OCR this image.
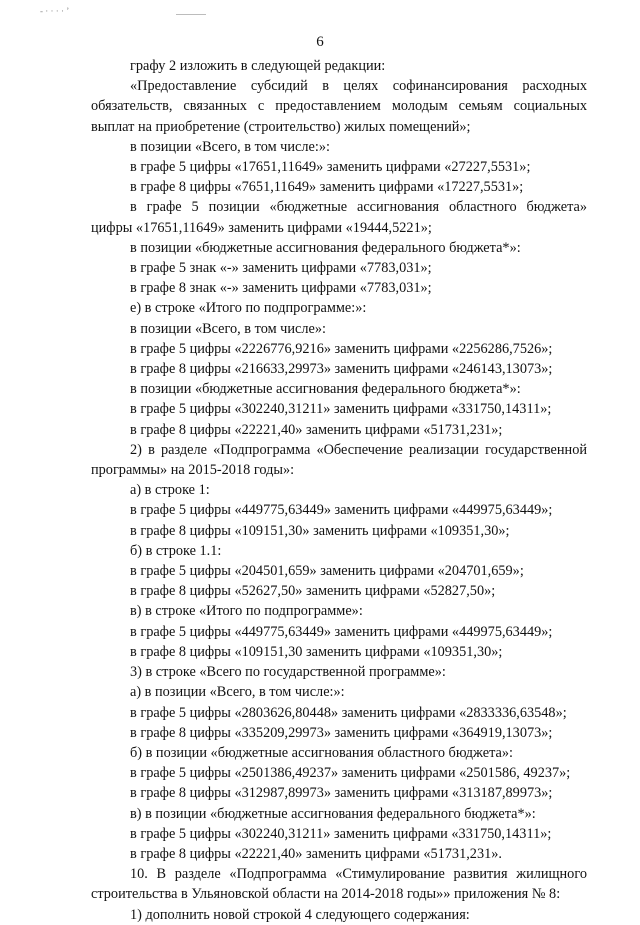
- · · · · ’
6

графу 2 изложить в следующей редакции:

«Предоставление субсидий в целях софинансирования расходных обязательств, связанных с предоставлением молодым семьям социальных выплат на приобретение (строительство) жилых помещений»;

в позиции «Всего, в том числе:»:

в графе 5 цифры «17651,11649» заменить цифрами «27227,5531»;

в графе 8 цифры «7651,11649» заменить цифрами «17227,5531»;

в графе 5 позиции «бюджетные ассигнования областного бюджета» цифры «17651,11649» заменить цифрами «19444,5221»;

в позиции «бюджетные ассигнования федерального бюджета*»:

в графе 5 знак «-» заменить цифрами «7783,031»;

в графе 8 знак «-» заменить цифрами «7783,031»;

е) в строке «Итого по подпрограмме:»:

в позиции «Всего, в том числе»:

в графе 5 цифры «2226776,9216» заменить цифрами «2256286,7526»;

в графе 8 цифры «216633,29973» заменить цифрами «246143,13073»;

в позиции «бюджетные ассигнования федерального бюджета*»:

в графе 5 цифры «302240,31211» заменить цифрами «331750,14311»;

в графе 8 цифры «22221,40» заменить цифрами «51731,231»;

2) в разделе «Подпрограмма «Обеспечение реализации государственной программы» на 2015-2018 годы»:

а) в строке 1:

в графе 5 цифры «449775,63449» заменить цифрами «449975,63449»;

в графе 8 цифры «109151,30» заменить цифрами «109351,30»;

б) в строке 1.1:

в графе 5 цифры «204501,659» заменить цифрами «204701,659»;

в графе 8 цифры «52627,50» заменить цифрами «52827,50»;

в) в строке «Итого по подпрограмме»:

в графе 5 цифры «449775,63449» заменить цифрами «449975,63449»;

в графе 8 цифры «109151,30 заменить цифрами «109351,30»;

3) в строке «Всего по государственной программе»:

а) в позиции «Всего, в том числе:»:

в графе 5 цифры «2803626,80448» заменить цифрами «2833336,63548»;

в графе 8 цифры «335209,29973» заменить цифрами «364919,13073»;

б) в позиции «бюджетные ассигнования областного бюджета»:

в графе 5 цифры «2501386,49237» заменить цифрами «2501586, 49237»;

в графе 8 цифры «312987,89973» заменить цифрами «313187,89973»;

в) в позиции «бюджетные ассигнования федерального бюджета*»:

в графе 5 цифры «302240,31211» заменить цифрами «331750,14311»;

в графе 8 цифры «22221,40» заменить цифрами «51731,231».

10. В разделе «Подпрограмма «Стимулирование развития жилищного строительства в Ульяновской области на 2014-2018 годы»» приложения № 8:

1) дополнить новой строкой 4 следующего содержания:
